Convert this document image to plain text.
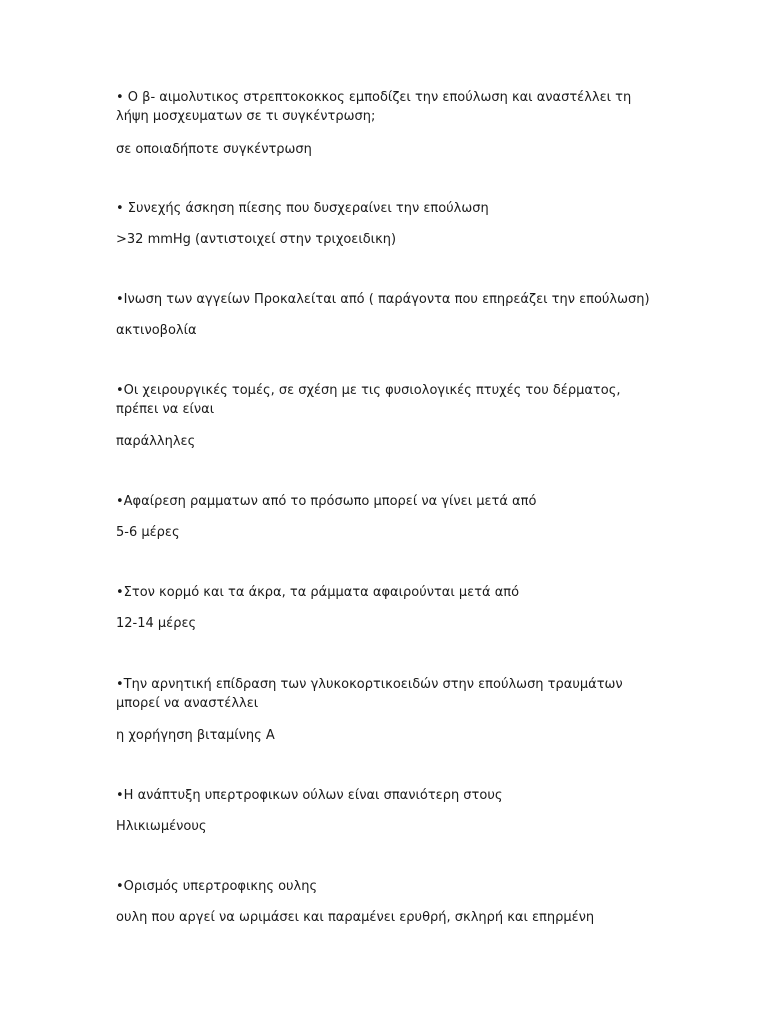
• Ο β- αιμολυτικος στρεπτοκοκκος εμποδίζει την επούλωση και αναστέλλει τη λήψη μοσχευματων σε τι συγκέντρωση;

σε οποιαδήποτε συγκέντρωση

• Συνεχής άσκηση πίεσης που δυσχεραίνει την επούλωση

>32 mmHg (αντιστοιχεί στην τριχοειδικη)

•Ινωση των αγγείων Προκαλείται από ( παράγοντα που επηρεάζει την επούλωση)

ακτινοβολία

•Οι χειρουργικές τομές, σε σχέση με τις φυσιολογικές πτυχές του δέρματος, πρέπει να είναι

παράλληλες

•Αφαίρεση ραμματων από το πρόσωπο μπορεί να γίνει μετά από

5-6 μέρες

•Στον κορμό και τα άκρα, τα ράμματα αφαιρούνται μετά από

12-14 μέρες

•Την αρνητική επίδραση των γλυκοκορτικοειδών στην επούλωση τραυμάτων μπορεί να αναστέλλει

η χορήγηση βιταμίνης Α

•Η ανάπτυξη υπερτροφικων ούλων είναι σπανιότερη στους

Ηλικιωμένους

•Ορισμός υπερτροφικης ουλης

ουλη που αργεί να ωριμάσει και παραμένει ερυθρή, σκληρή και επηρμένη
